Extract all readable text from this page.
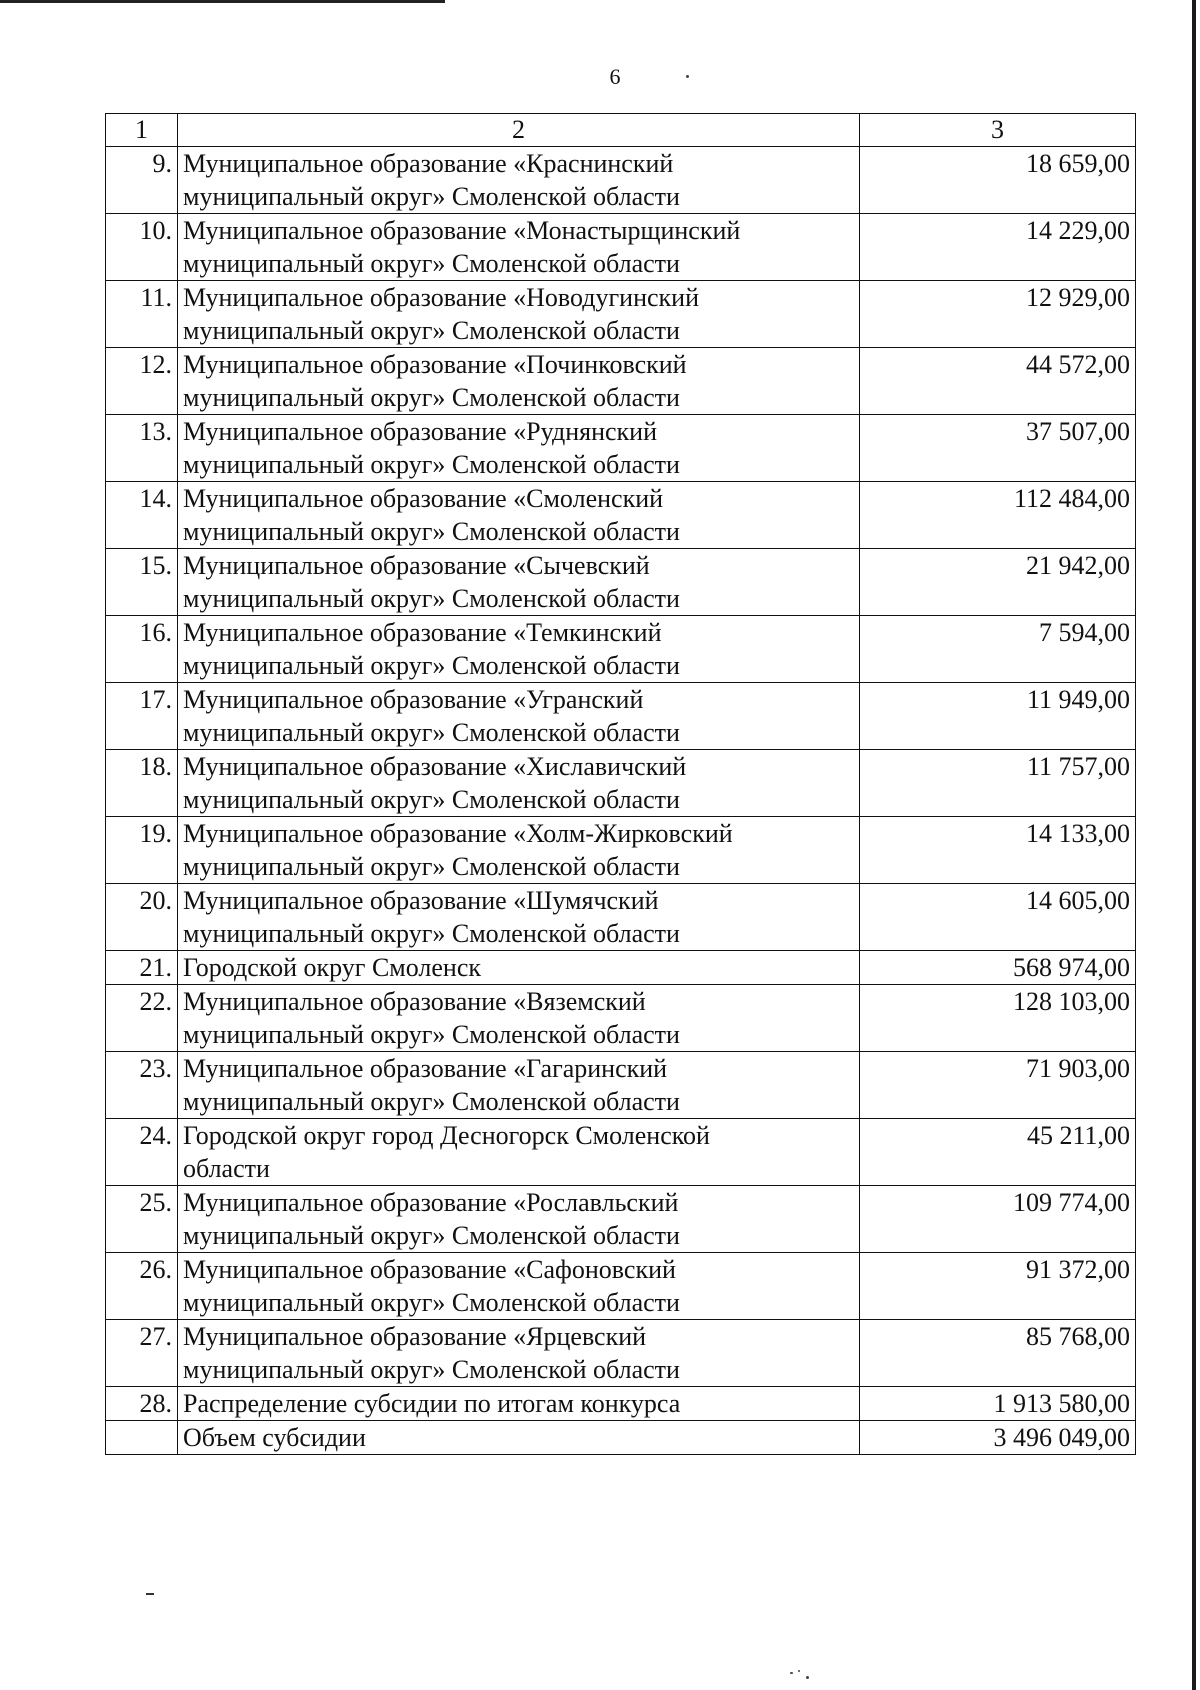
6
1	2	3
9.	Муниципальное образование «Краснинский
муниципальный округ» Смоленской области	18 659,00
10.	Муниципальное образование «Монастырщинский
муниципальный округ» Смоленской области	14 229,00
11.	Муниципальное образование «Новодугинский
муниципальный округ» Смоленской области	12 929,00
12.	Муниципальное образование «Починковский
муниципальный округ» Смоленской области	44 572,00
13.	Муниципальное образование «Руднянский
муниципальный округ» Смоленской области	37 507,00
14.	Муниципальное образование «Смоленский
муниципальный округ» Смоленской области	112 484,00
15.	Муниципальное образование «Сычевский
муниципальный округ» Смоленской области	21 942,00
16.	Муниципальное образование «Темкинский
муниципальный округ» Смоленской области	7 594,00
17.	Муниципальное образование «Угранский
муниципальный округ» Смоленской области	11 949,00
18.	Муниципальное образование «Хиславичский
муниципальный округ» Смоленской области	11 757,00
19.	Муниципальное образование «Холм-Жирковский
муниципальный округ» Смоленской области	14 133,00
20.	Муниципальное образование «Шумячский
муниципальный округ» Смоленской области	14 605,00
21.	Городской округ Смоленск	568 974,00
22.	Муниципальное образование «Вяземский
муниципальный округ» Смоленской области	128 103,00
23.	Муниципальное образование «Гагаринский
муниципальный округ» Смоленской области	71 903,00
24.	Городской округ город Десногорск Смоленской
области	45 211,00
25.	Муниципальное образование «Рославльский
муниципальный округ» Смоленской области	109 774,00
26.	Муниципальное образование «Сафоновский
муниципальный округ» Смоленской области	91 372,00
27.	Муниципальное образование «Ярцевский
муниципальный округ» Смоленской области	85 768,00
28.	Распределение субсидии по итогам конкурса	1 913 580,00

	Объем субсидии	3 496 049,00
